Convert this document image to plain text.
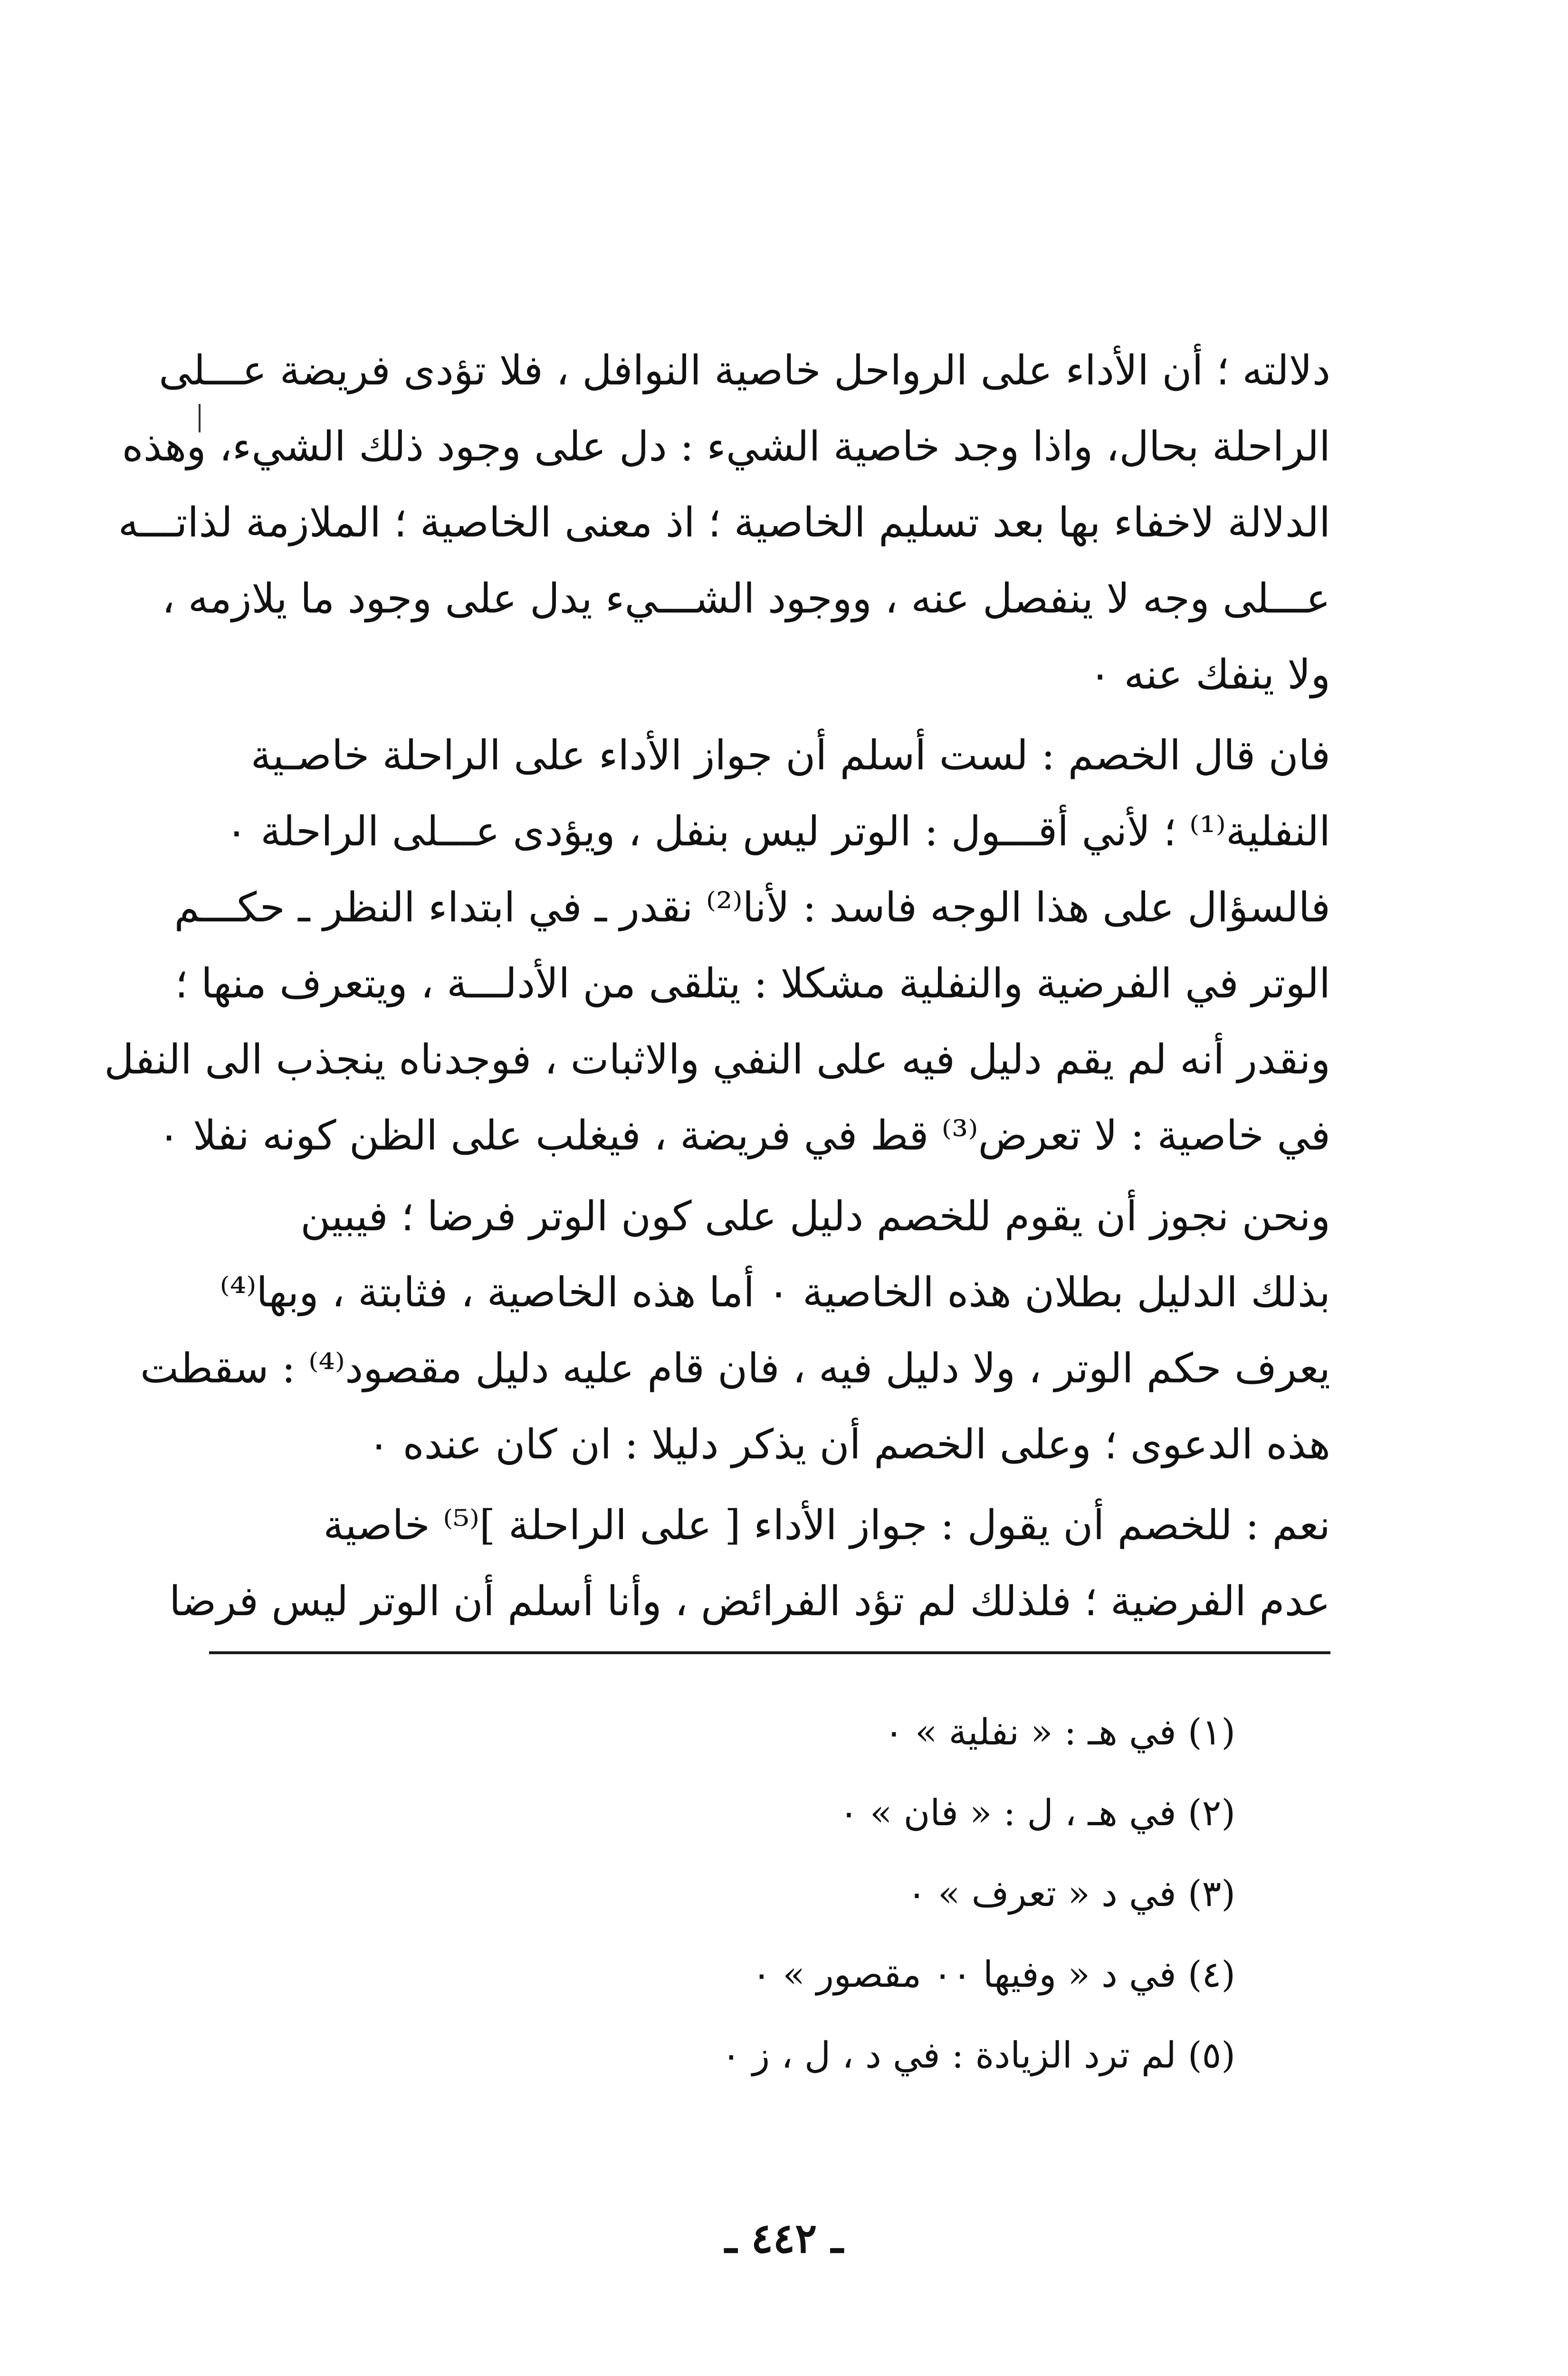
دلالته ؛ أن الأداء على الرواحل خاصية النوافل ، فلا تؤدى فريضة عـــلى
الراحلة بحال، واذا وجد خاصية الشيء : دل على وجود ذلك الشيء، وهذه
الدلالة لاخفاء بها بعد تسليم الخاصية ؛ اذ معنى الخاصية ؛ الملازمة لذاتـــه
عـــلى وجه لا ينفصل عنه ، ووجود الشـــيء يدل على وجود ما يلازمه ،
ولا ينفك عنه ٠
فان قال الخصم : لست أسلم أن جواز الأداء على الراحلة خاصـية
النفلية⁽¹⁾ ؛ لأني أقـــول : الوتر ليس بنفل ، ويؤدى عـــلى الراحلة ٠
فالسؤال على هذا الوجه فاسد : لأنا⁽²⁾ نقدر ـ في ابتداء النظر ـ حكـــم
الوتر في الفرضية والنفلية مشكلا : يتلقى من الأدلـــة ، ويتعرف منها ؛
ونقدر أنه لم يقم دليل فيه على النفي والاثبات ، فوجدناه ينجذب الى النفل
في خاصية : لا تعرض⁽³⁾ قط في فريضة ، فيغلب على الظن كونه نفلا ٠
ونحن نجوز أن يقوم للخصم دليل على كون الوتر فرضا ؛ فيبين
بذلك الدليل بطلان هذه الخاصية ٠ أما هذه الخاصية ، فثابتة ، وبها⁽⁴⁾
يعرف حكم الوتر ، ولا دليل فيه ، فان قام عليه دليل مقصود⁽⁴⁾ : سقطت
هذه الدعوى ؛ وعلى الخصم أن يذكر دليلا : ان كان عنده ٠
نعم : للخصم أن يقول : جواز الأداء [ على الراحلة ]⁽⁵⁾ خاصية
عدم الفرضية ؛ فلذلك لم تؤد الفرائض ، وأنا أسلم أن الوتر ليس فرضا
(١) في هـ : « نفلية » ٠
(٢) في هـ ، ل : « فان » ٠
(٣) في د « تعرف » ٠
(٤) في د « وفيها ٠٠ مقصور » ٠
(٥) لم ترد الزيادة : في د ، ل ، ز ٠
ـ ٤٤٢ ـ
